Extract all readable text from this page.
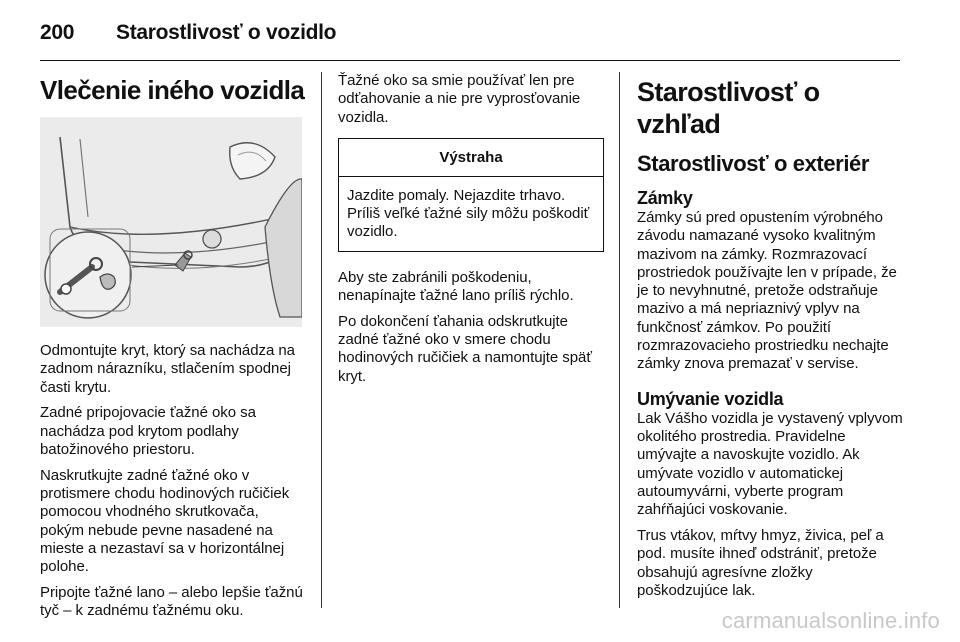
200	Starostlivosť o vozidlo
Vlečenie iného vozidla

Odmontujte kryt, ktorý sa nachádza na zadnom nárazníku, stlačením spodnej časti krytu.

Zadné pripojovacie ťažné oko sa nachádza pod krytom podlahy batožinového priestoru.

Naskrutkujte zadné ťažné oko v protismere chodu hodinových ručičiek pomocou vhodného skrutkovača, pokým nebude pevne nasadené na mieste a nezastaví sa v horizontálnej polohe.

Pripojte ťažné lano – alebo lepšie ťažnú tyč – k zadnému ťažnému oku.

Ťažné oko sa smie používať len pre odťahovanie a nie pre vyprosťovanie vozidla.

Výstraha

Jazdite pomaly. Nejazdite trhavo. Príliš veľké ťažné sily môžu poškodiť vozidlo.

Aby ste zabránili poškodeniu, nenapínajte ťažné lano príliš rýchlo.

Po dokončení ťahania odskrutkujte zadné ťažné oko v smere chodu hodinových ručičiek a namontujte späť kryt.

Starostlivosť o vzhľad
Starostlivosť o exteriér
Zámky

Zámky sú pred opustením výrobného závodu namazané vysoko kvalitným mazivom na zámky. Rozmrazovací prostriedok používajte len v prípade, že je to nevyhnutné, pretože odstraňuje mazivo a má nepriaznivý vplyv na funkčnosť zámkov. Po použití rozmrazovacieho prostriedku nechajte zámky znova premazať v servise.

Umývanie vozidla

Lak Vášho vozidla je vystavený vplyvom okolitého prostredia. Pravidelne umývajte a navoskujte vozidlo. Ak umývate vozidlo v automatickej autoumyvárni, vyberte program zahŕňajúci voskovanie.

Trus vtákov, mŕtvy hmyz, živica, peľ a pod. musíte ihneď odstrániť, pretože obsahujú agresívne zložky poškodzujúce lak.

carmanualsonline.info
